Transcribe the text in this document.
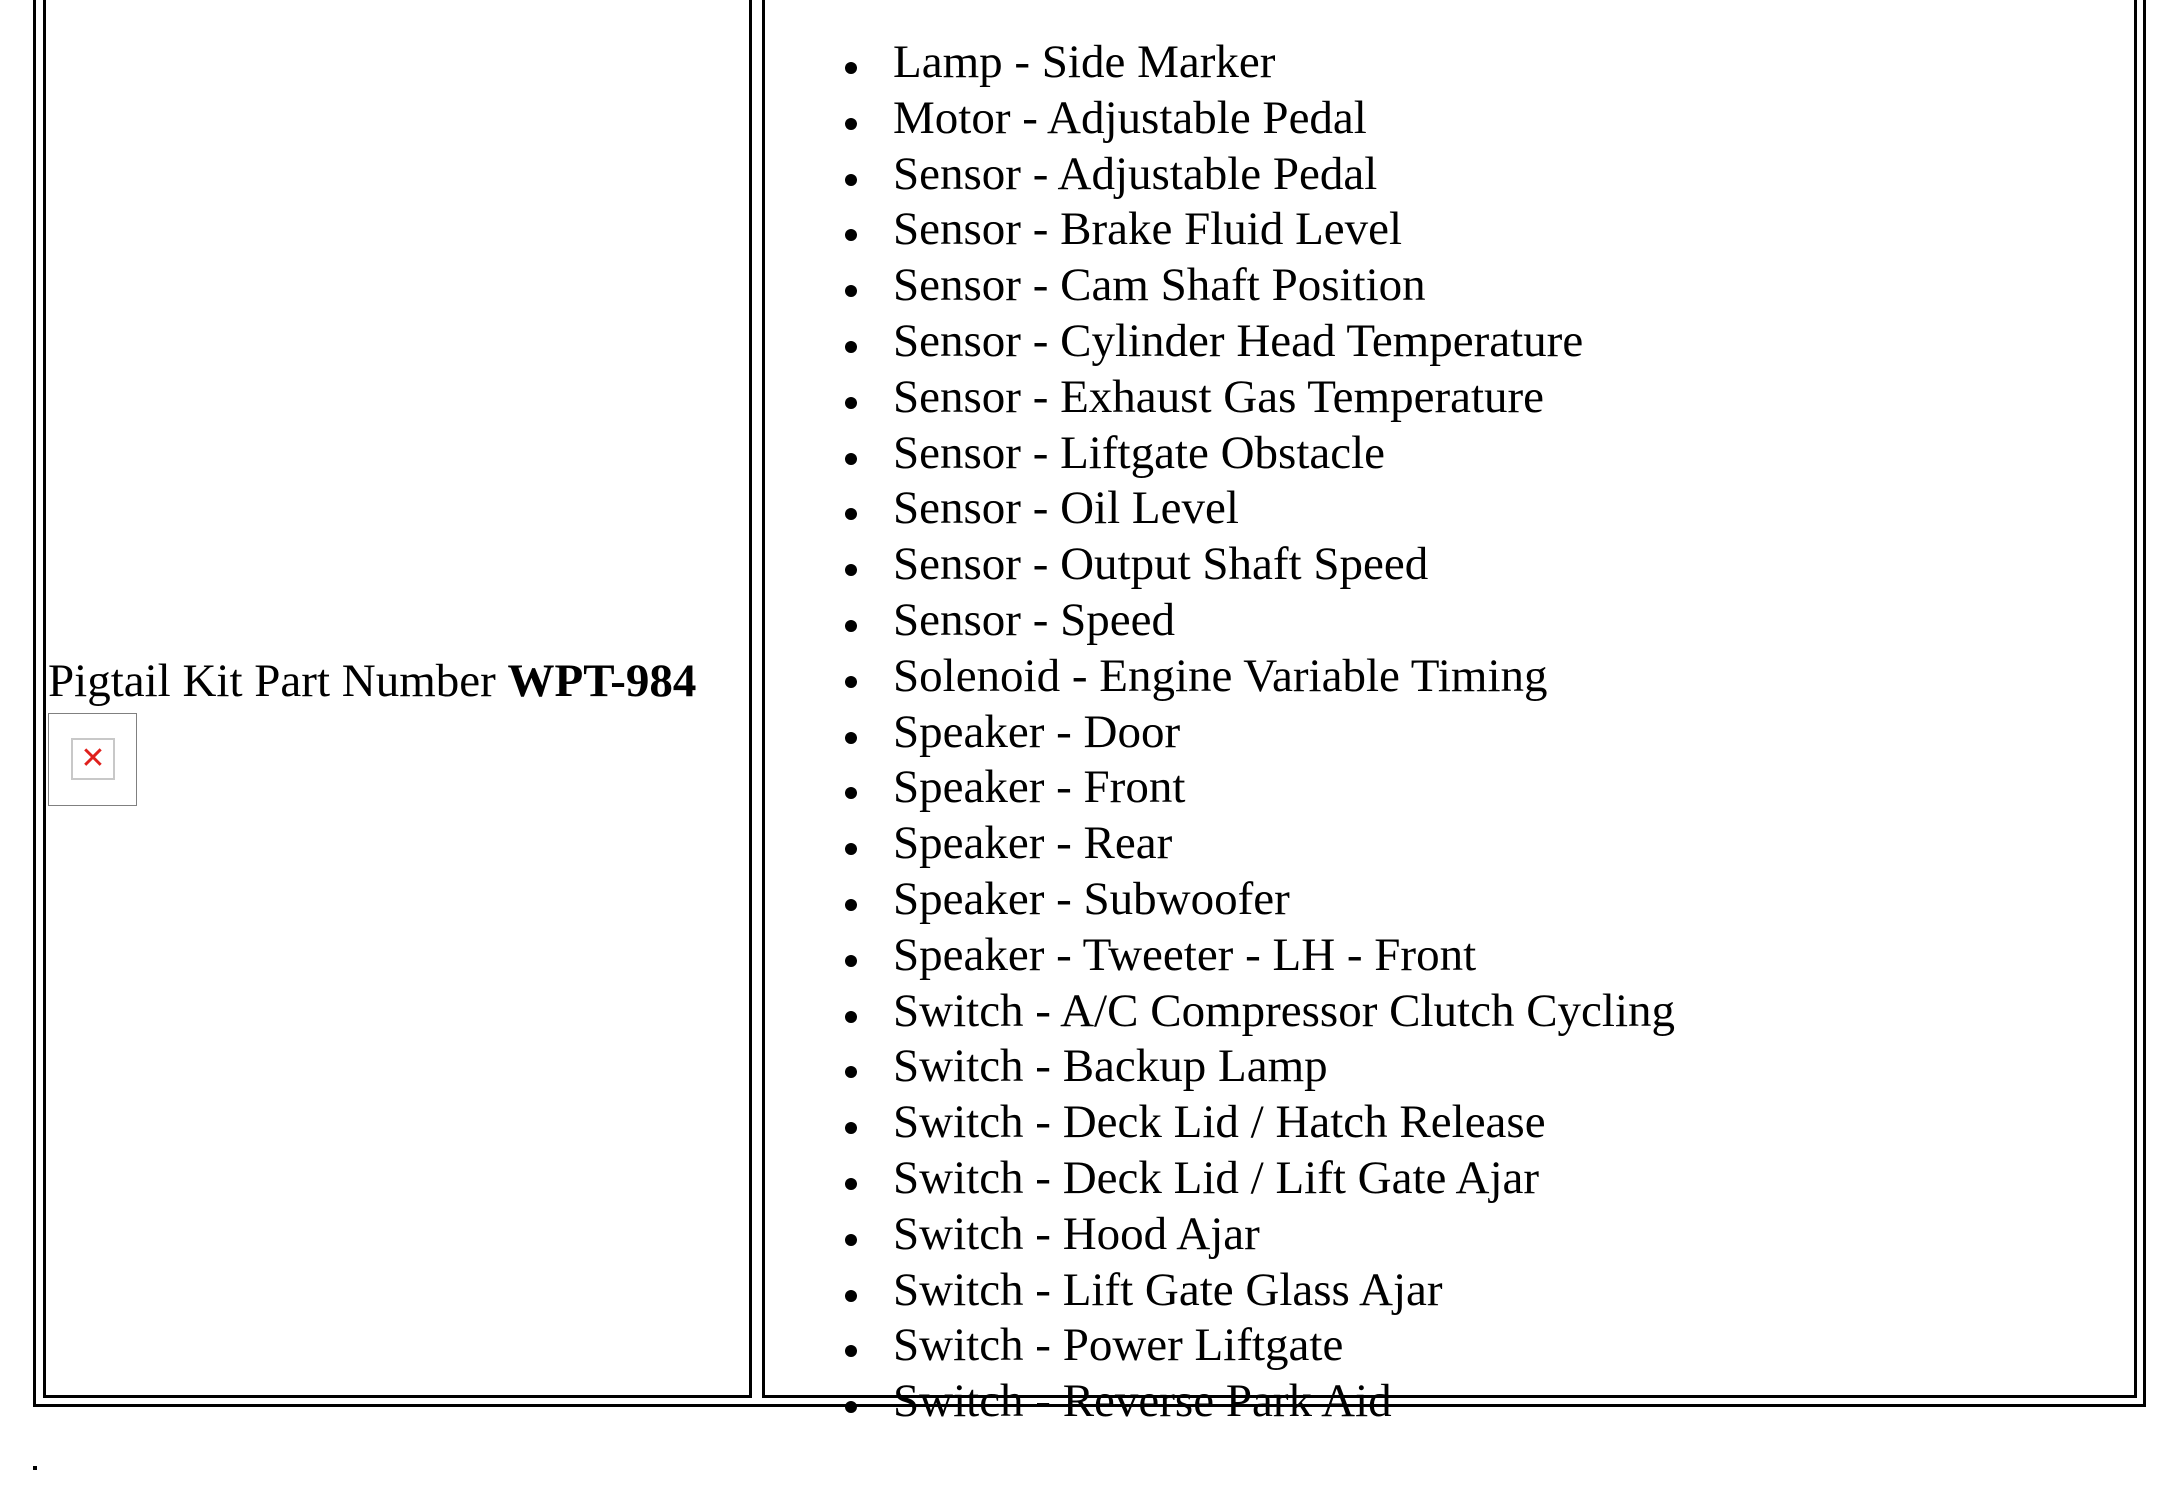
Pigtail Kit Part Number WPT-984
✕
Lamp - Side Marker
Motor - Adjustable Pedal
Sensor - Adjustable Pedal
Sensor - Brake Fluid Level
Sensor - Cam Shaft Position
Sensor - Cylinder Head Temperature
Sensor - Exhaust Gas Temperature
Sensor - Liftgate Obstacle
Sensor - Oil Level
Sensor - Output Shaft Speed
Sensor - Speed
Solenoid - Engine Variable Timing
Speaker - Door
Speaker - Front
Speaker - Rear
Speaker - Subwoofer
Speaker - Tweeter - LH - Front
Switch - A/C Compressor Clutch Cycling
Switch - Backup Lamp
Switch - Deck Lid / Hatch Release
Switch - Deck Lid / Lift Gate Ajar
Switch - Hood Ajar
Switch - Lift Gate Glass Ajar
Switch - Power Liftgate
Switch - Reverse Park Aid
